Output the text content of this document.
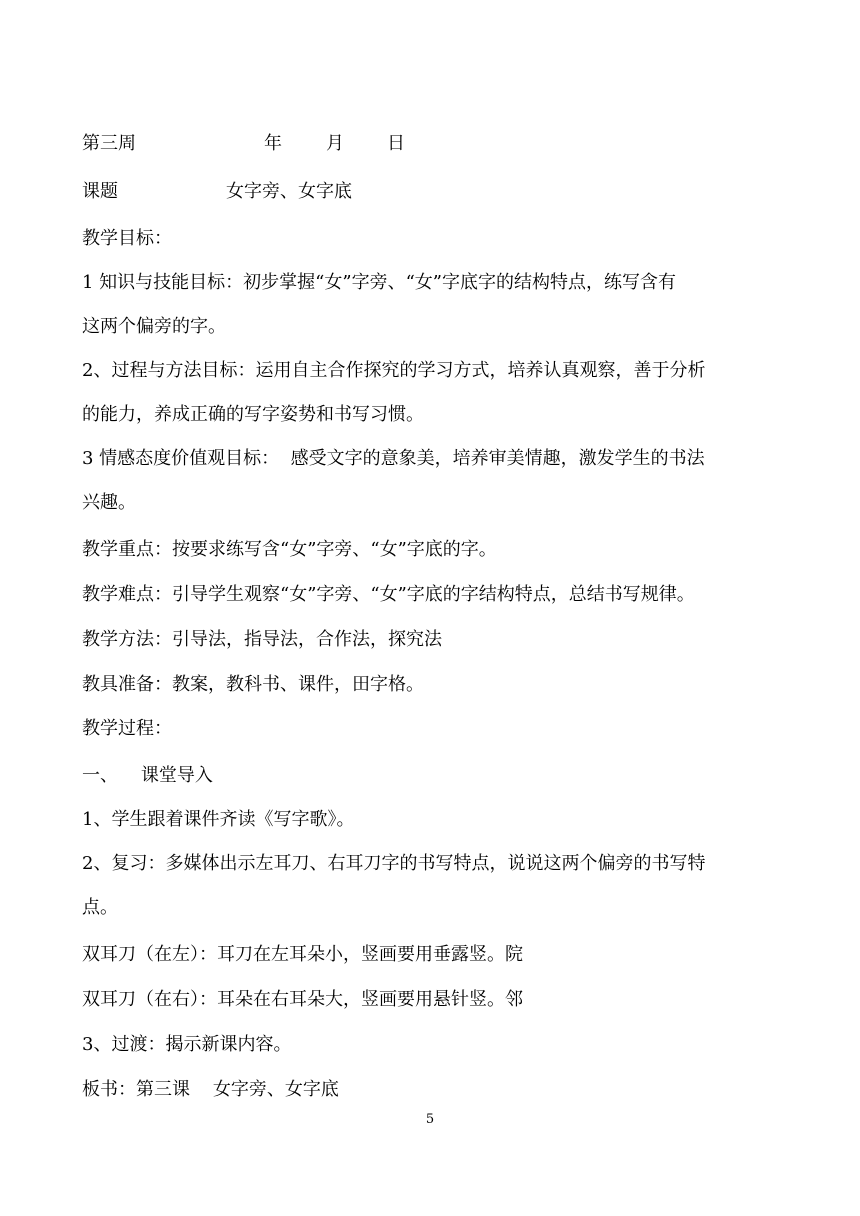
第三周

	年

月

日

课题

	女字旁、女字底

教学目标：
1 知识与技能目标：初步掌握“女”字旁、“女”字底字的结构特点，练写含有
这两个偏旁的字。
2、过程与方法目标：运用自主合作探究的学习方式，培养认真观察，善于分析
的能力，养成正确的写字姿势和书写习惯。
3 情感态度价值观目标：  感受文字的意象美，培养审美情趣，激发学生的书法
兴趣。
教学重点：按要求练写含“女”字旁、“女”字底的字。
教学难点：引导学生观察“女”字旁、“女”字底的字结构特点，总结书写规律。
教学方法：引导法，指导法，合作法，探究法
教具准备：教案，教科书、课件，田字格。
教学过程：
一、    课堂导入
1、学生跟着课件齐读《写字歌》。
2、复习：多媒体出示左耳刀、右耳刀字的书写特点，说说这两个偏旁的书写特
点。
双耳刀（在左）：耳刀在左耳朵小，竖画要用垂露竖。院
双耳刀（在右）：耳朵在右耳朵大，竖画要用悬针竖。邻
3、过渡：揭示新课内容。
板书：第三课    女字旁、女字底
5
